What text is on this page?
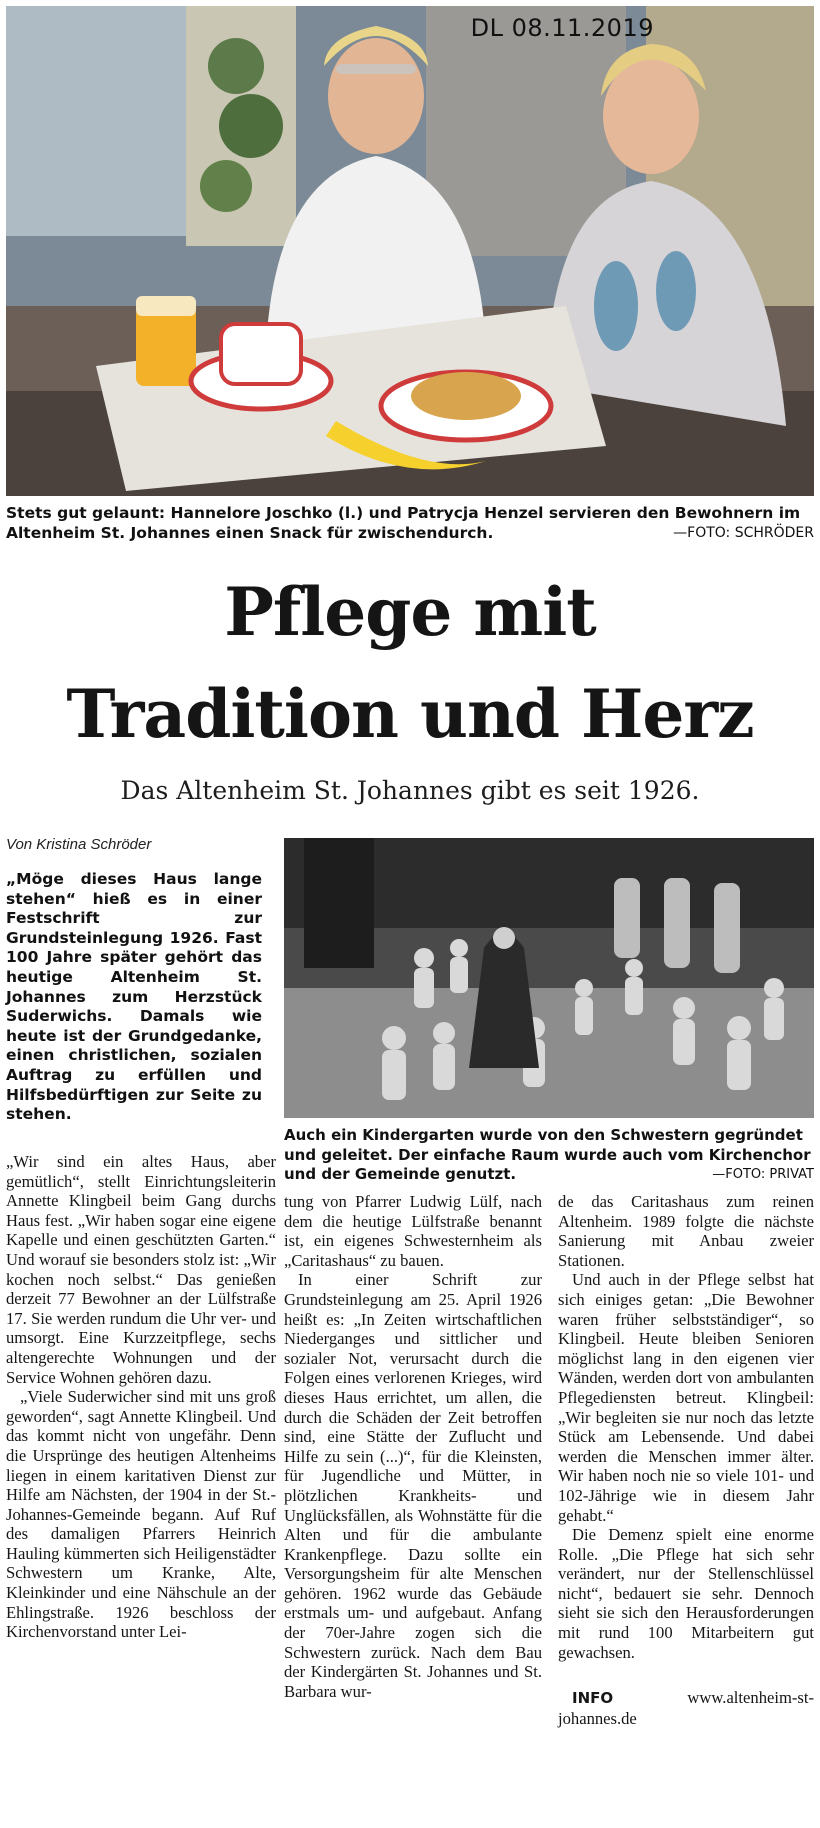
DL 08.11.2019
Stets gut gelaunt: Hannelore Joschko (l.) und Patrycja Henzel servieren den Bewohnern im Altenheim St. Johannes einen Snack für zwischendurch.	—FOTO: SCHRÖDER
Pflege mit
Tradition und Herz
Das Altenheim St. Johannes gibt es seit 1926.
Von Kristina Schröder
„Möge dieses Haus lange stehen“ hieß es in einer Festschrift zur Grundsteinlegung 1926. Fast 100 Jahre später gehört das heutige Altenheim St. Johannes zum Herzstück Suderwichs. Damals wie heute ist der Grundgedanke, einen christlichen, sozialen Auftrag zu erfüllen und Hilfsbedürftigen zur Seite zu stehen.
Auch ein Kindergarten wurde von den Schwestern gegründet und geleitet. Der einfache Raum wurde auch vom Kirchenchor und der Gemeinde genutzt.	—FOTO: PRIVAT

„Wir sind ein altes Haus, aber gemütlich“, stellt Einrichtungsleiterin Annette Klingbeil beim Gang durchs Haus fest. „Wir haben sogar eine eigene Kapelle und einen geschützten Garten.“ Und worauf sie besonders stolz ist: „Wir kochen noch selbst.“ Das genießen derzeit 77 Bewohner an der Lülfstraße 17. Sie werden rundum die Uhr ver- und umsorgt. Eine Kurzzeitpflege, sechs altengerechte Wohnungen und der Service Wohnen gehören dazu.

„Viele Suderwicher sind mit uns groß geworden“, sagt Annette Klingbeil. Und das kommt nicht von ungefähr. Denn die Ursprünge des heutigen Altenheims liegen in einem karitativen Dienst zur Hilfe am Nächsten, der 1904 in der St.-Johannes-Gemeinde begann. Auf Ruf des damaligen Pfarrers Heinrich Hauling kümmerten sich Heiligenstädter Schwestern um Kranke, Alte, Kleinkinder und eine Nähschule an der Ehlingstraße. 1926 beschloss der Kirchenvorstand unter Lei-

tung von Pfarrer Ludwig Lülf, nach dem die heutige Lülfstraße benannt ist, ein eigenes Schwesternheim als „Caritashaus“ zu bauen.

In einer Schrift zur Grundsteinlegung am 25. April 1926 heißt es: „In Zeiten wirtschaftlichen Niederganges und sittlicher und sozialer Not, verursacht durch die Folgen eines verlorenen Krieges, wird dieses Haus errichtet, um allen, die durch die Schäden der Zeit betroffen sind, eine Stätte der Zuflucht und Hilfe zu sein (...)“, für die Kleinsten, für Jugendliche und Mütter, in plötzlichen Krankheits- und Unglücksfällen, als Wohnstätte für die Alten und für die ambulante Krankenpflege. Dazu sollte ein Versorgungsheim für alte Menschen gehören. 1962 wurde das Gebäude erstmals um- und aufgebaut. Anfang der 70er-Jahre zogen sich die Schwestern zurück. Nach dem Bau der Kindergärten St. Johannes und St. Barbara wur-

de das Caritashaus zum reinen Altenheim. 1989 folgte die nächste Sanierung mit Anbau zweier Stationen.

Und auch in der Pflege selbst hat sich einiges getan: „Die Bewohner waren früher selbstständiger“, so Klingbeil. Heute bleiben Senioren möglichst lang in den eigenen vier Wänden, werden dort von ambulanten Pflegediensten betreut. Klingbeil: „Wir begleiten sie nur noch das letzte Stück am Lebensende. Und dabei werden die Menschen immer älter. Wir haben noch nie so viele 101- und 102-Jährige wie in diesem Jahr gehabt.“

Die Demenz spielt eine enorme Rolle. „Die Pflege hat sich sehr verändert, nur der Stellenschlüssel nicht“, bedauert sie sehr. Dennoch sieht sie sich den Herausforderungen mit rund 100 Mitarbeitern gut gewachsen.

INFO	www.altenheim-st-johannes.de
